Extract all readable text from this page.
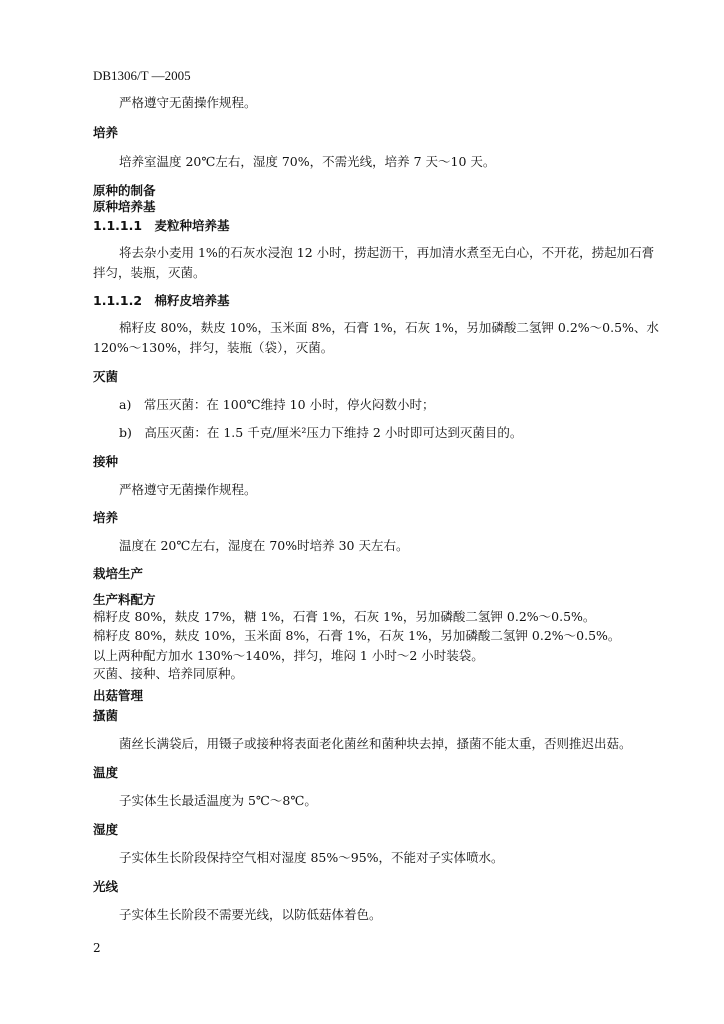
DB1306/T —2005
严格遵守无菌操作规程。
培养
培养室温度 20℃左右，湿度 70%，不需光线，培养 7 天～10 天。
原种的制备
原种培养基
1.1.1.1　麦粒种培养基
将去杂小麦用 1%的石灰水浸泡 12 小时，捞起沥干，再加清水煮至无白心，不开花，捞起加石膏
拌匀，装瓶，灭菌。
1.1.1.2　棉籽皮培养基
棉籽皮 80%，麸皮 10%，玉米面 8%，石膏 1%，石灰 1%，另加磷酸二氢钾 0.2%～0.5%、水
120%～130%，拌匀，装瓶（袋），灭菌。
灭菌
a)　常压灭菌：在 100℃维持 10 小时，停火闷数小时；
b)　高压灭菌：在 1.5 千克/厘米²压力下维持 2 小时即可达到灭菌目的。
接种
严格遵守无菌操作规程。
培养
温度在 20℃左右，湿度在 70%时培养 30 天左右。
栽培生产
生产料配方
棉籽皮 80%，麸皮 17%，糖 1%，石膏 1%，石灰 1%，另加磷酸二氢钾 0.2%～0.5%。
棉籽皮 80%，麸皮 10%，玉米面 8%，石膏 1%，石灰 1%，另加磷酸二氢钾 0.2%～0.5%。
以上两种配方加水 130%～140%，拌匀，堆闷 1 小时～2 小时装袋。
灭菌、接种、培养同原种。
出菇管理
搔菌
菌丝长满袋后，用镊子或接种将表面老化菌丝和菌种块去掉，搔菌不能太重，否则推迟出菇。
温度
子实体生长最适温度为 5℃～8℃。
湿度
子实体生长阶段保持空气相对湿度 85%～95%，不能对子实体喷水。
光线
子实体生长阶段不需要光线，以防低菇体着色。
2
